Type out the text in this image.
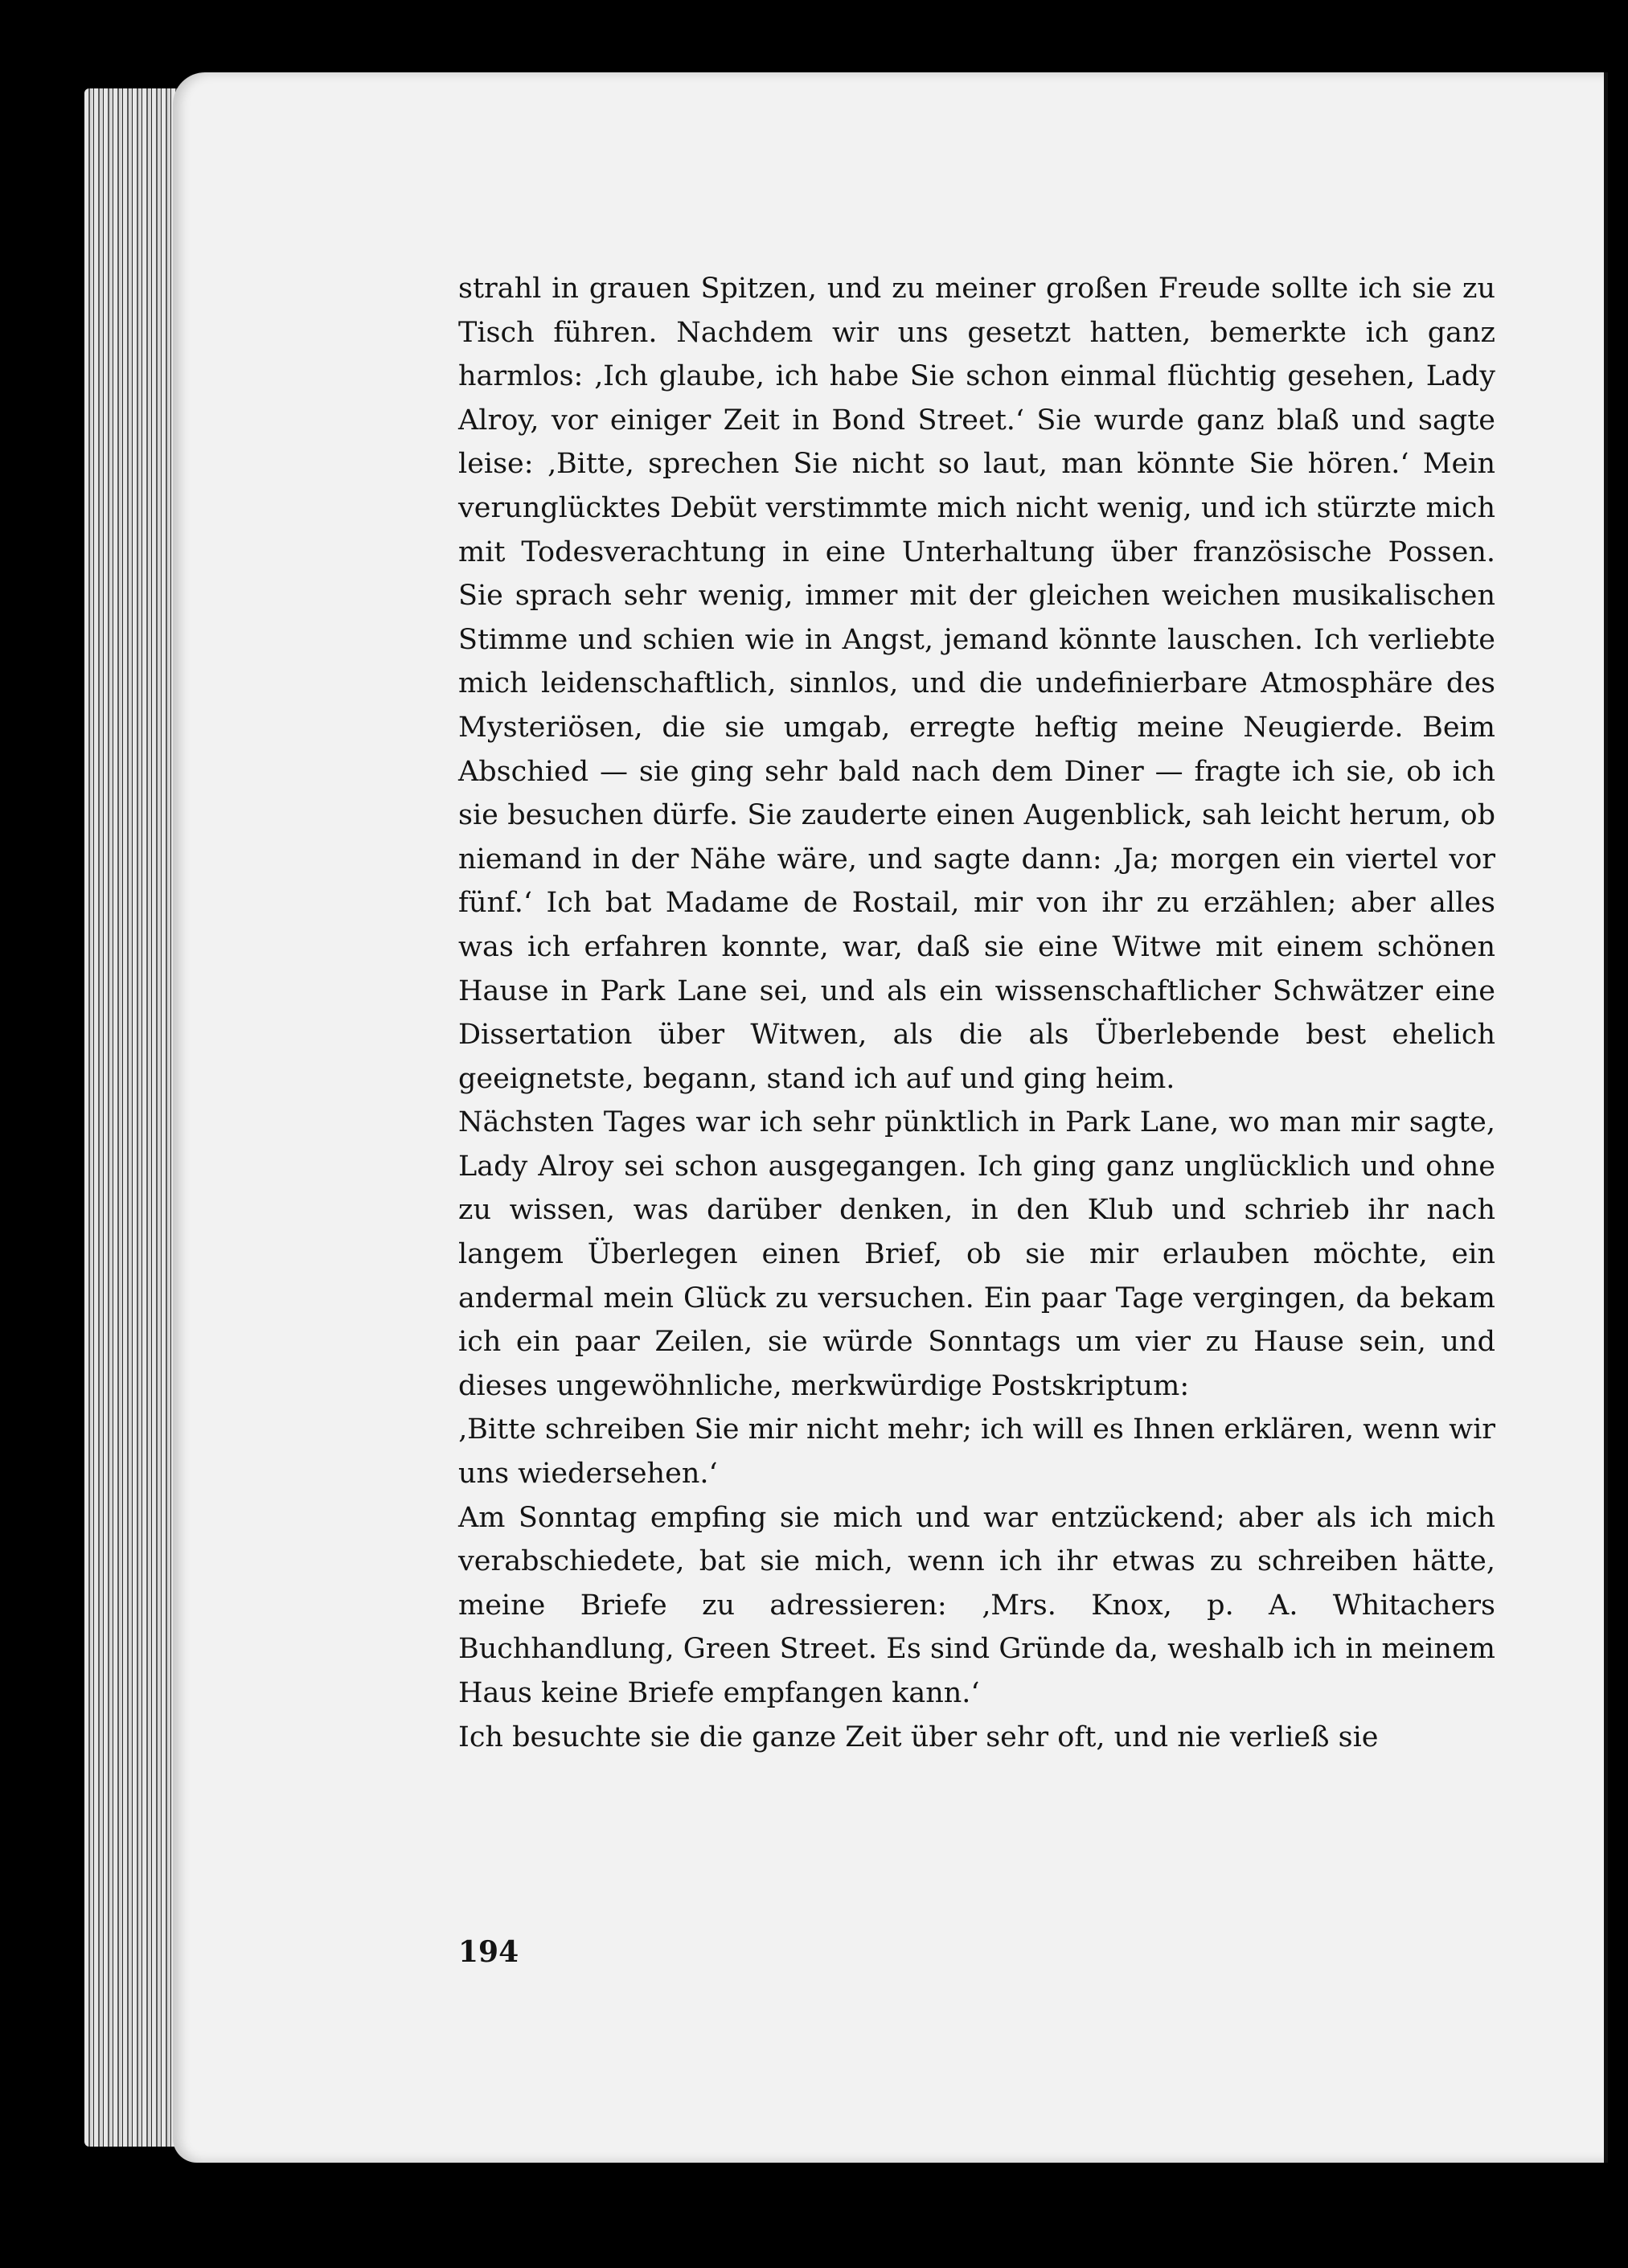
strahl in grauen Spitzen, und zu meiner großen Freude sollte ich sie zu Tisch führen. Nachdem wir uns gesetzt hatten, bemerkte ich ganz harmlos: ‚Ich glaube, ich habe Sie schon einmal flüchtig gesehen, Lady Alroy, vor einiger Zeit in Bond Street.‘ Sie wurde ganz blaß und sagte leise: ‚Bitte, sprechen Sie nicht so laut, man könnte Sie hören.‘ Mein verunglücktes Debüt verstimmte mich nicht wenig, und ich stürzte mich mit Todesverachtung in eine Unterhaltung über französische Possen. Sie sprach sehr wenig, immer mit der gleichen weichen musikalischen Stimme und schien wie in Angst, jemand könnte lauschen. Ich verliebte mich leidenschaftlich, sinnlos, und die undefinierbare Atmosphäre des Mysteriösen, die sie umgab, erregte heftig meine Neugierde. Beim Abschied — sie ging sehr bald nach dem Diner — fragte ich sie, ob ich sie besuchen dürfe. Sie zauderte einen Augenblick, sah leicht herum, ob niemand in der Nähe wäre, und sagte dann: ‚Ja; morgen ein viertel vor fünf.‘ Ich bat Madame de Rostail, mir von ihr zu erzählen; aber alles was ich erfahren konnte, war, daß sie eine Witwe mit einem schönen Hause in Park Lane sei, und als ein wissenschaftlicher Schwätzer eine Dissertation über Witwen, als die als Überlebende best ehelich geeignetste, begann, stand ich auf und ging heim.

Nächsten Tages war ich sehr pünktlich in Park Lane, wo man mir sagte, Lady Alroy sei schon ausgegangen. Ich ging ganz unglücklich und ohne zu wissen, was darüber denken, in den Klub und schrieb ihr nach langem Überlegen einen Brief, ob sie mir erlauben möchte, ein andermal mein Glück zu versuchen. Ein paar Tage vergingen, da bekam ich ein paar Zeilen, sie würde Sonntags um vier zu Hause sein, und dieses ungewöhnliche, merkwürdige Postskriptum:

‚Bitte schreiben Sie mir nicht mehr; ich will es Ihnen erklären, wenn wir uns wiedersehen.‘

Am Sonntag empfing sie mich und war entzückend; aber als ich mich verabschiedete, bat sie mich, wenn ich ihr etwas zu schreiben hätte, meine Briefe zu adressieren: ‚Mrs. Knox, p. A. Whitachers Buchhandlung, Green Street. Es sind Gründe da, weshalb ich in meinem Haus keine Briefe empfangen kann.‘

Ich besuchte sie die ganze Zeit über sehr oft, und nie verließ sie

194
